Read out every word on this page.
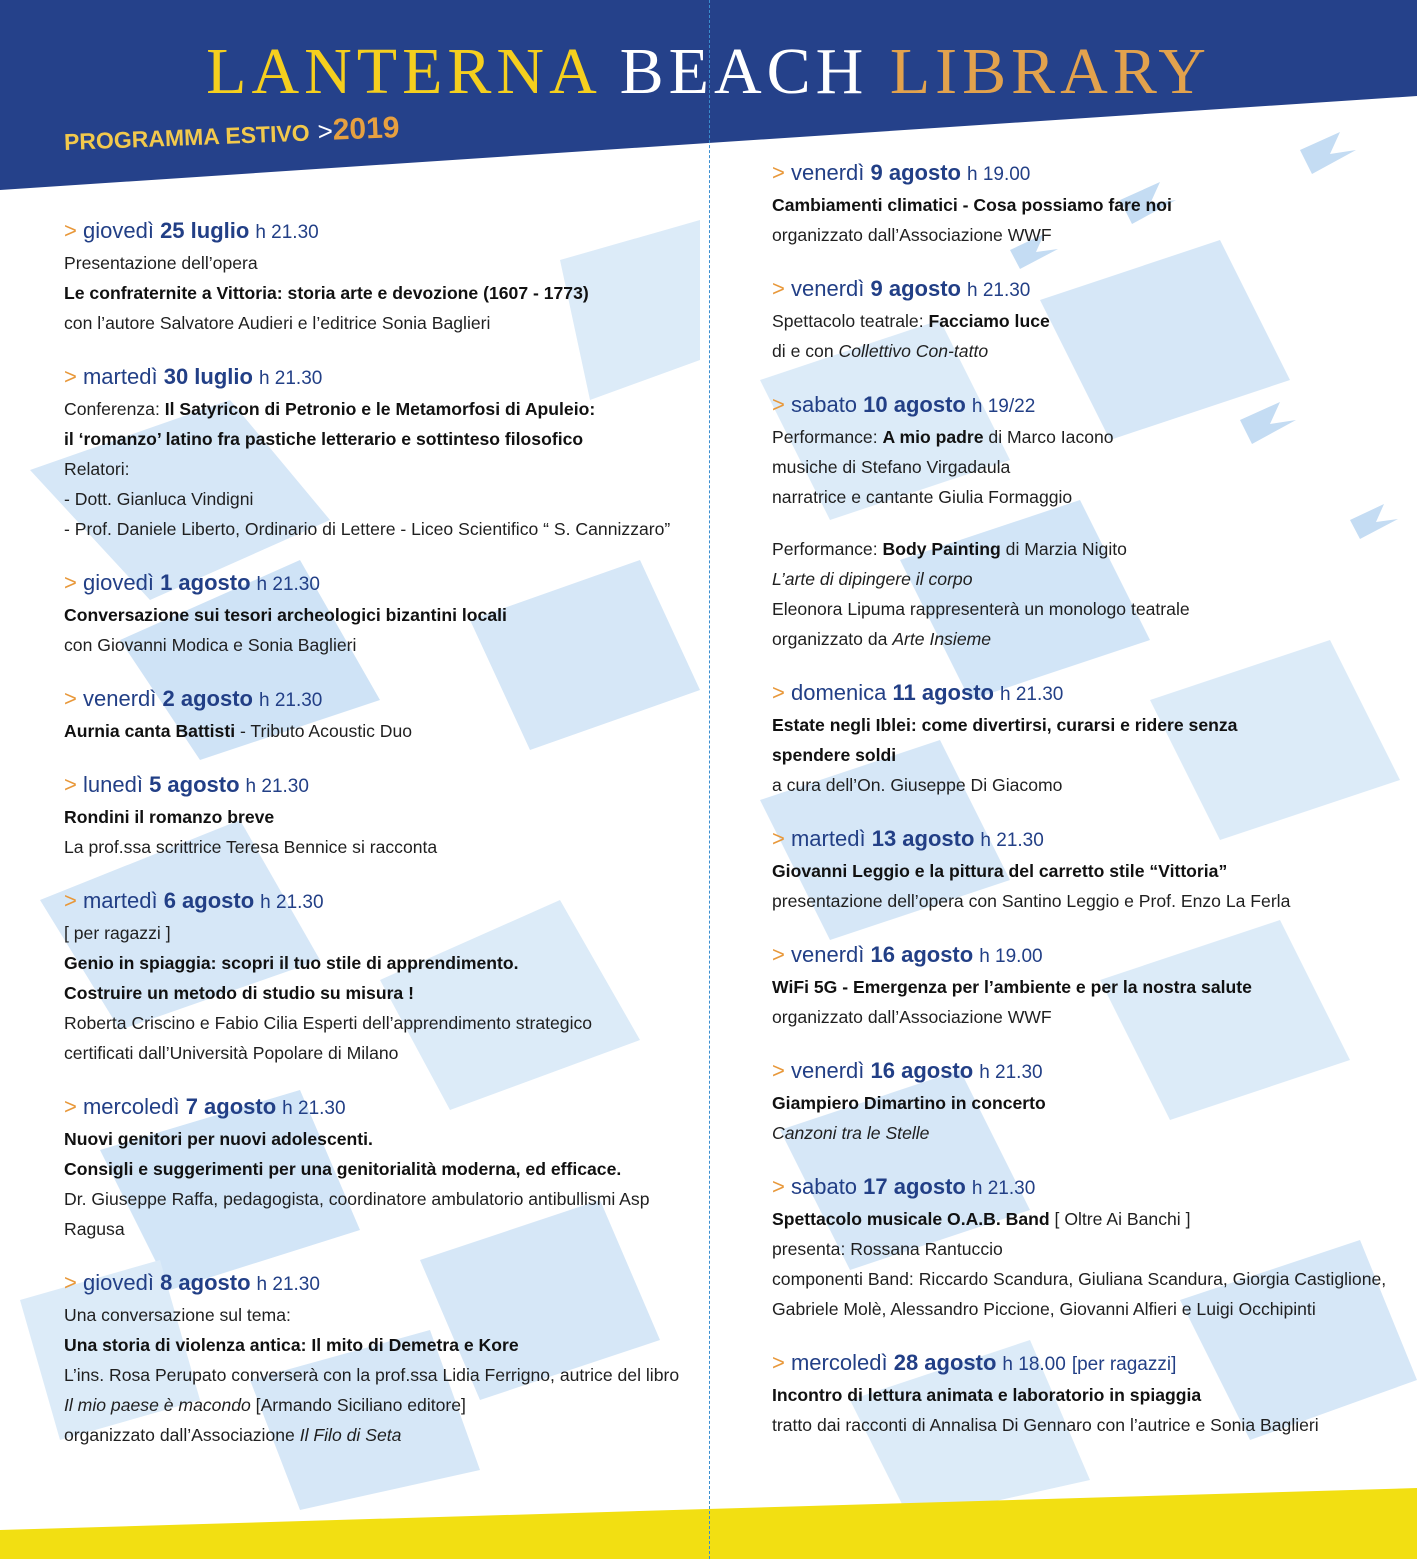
LANTERNA BEACH LIBRARY
PROGRAMMA ESTIVO >2019
> giovedì 25 luglio h 21.30
Presentazione dell’opera
Le confraternite a Vittoria: storia arte e devozione (1607 - 1773)
con l’autore Salvatore Audieri e l’editrice Sonia Baglieri
> martedì 30 luglio h 21.30
Conferenza: Il Satyricon di Petronio e le Metamorfosi di Apuleio:
il ‘romanzo’ latino fra pastiche letterario e sottinteso filosofico
Relatori:
- Dott. Gianluca Vindigni
- Prof. Daniele Liberto, Ordinario di Lettere - Liceo Scientifico “ S. Cannizzaro”
> giovedì 1 agosto h 21.30
Conversazione sui tesori archeologici bizantini locali
con Giovanni Modica e Sonia Baglieri
> venerdì 2 agosto h 21.30
Aurnia canta Battisti - Tributo Acoustic Duo
> lunedì 5 agosto h 21.30
Rondini il romanzo breve
La prof.ssa scrittrice Teresa Bennice si racconta
> martedì 6 agosto h 21.30
[ per ragazzi ]
Genio in spiaggia: scopri il tuo stile di apprendimento.
Costruire un metodo di studio su misura !
Roberta Criscino e Fabio Cilia Esperti dell’apprendimento strategico
certificati dall’Università Popolare di Milano
> mercoledì 7 agosto h 21.30
Nuovi genitori per nuovi adolescenti.
Consigli e suggerimenti per una genitorialità moderna, ed efficace.
Dr. Giuseppe Raffa, pedagogista, coordinatore ambulatorio antibullismi Asp
Ragusa
> giovedì 8 agosto h 21.30
Una conversazione sul tema:
Una storia di violenza antica: Il mito di Demetra e Kore
L’ins. Rosa Perupato converserà con la prof.ssa Lidia Ferrigno, autrice del libro
Il mio paese è macondo [Armando Siciliano editore]
organizzato dall’Associazione Il Filo di Seta
> venerdì 9 agosto h 19.00
Cambiamenti climatici - Cosa possiamo fare noi
organizzato dall’Associazione WWF
> venerdì 9 agosto h 21.30
Spettacolo teatrale: Facciamo luce
di e con Collettivo Con-tatto
> sabato 10 agosto h 19/22
Performance: A mio padre di Marco Iacono
musiche di Stefano Virgadaula
narratrice e cantante Giulia Formaggio
Performance: Body Painting di Marzia Nigito
L’arte di dipingere il corpo
Eleonora Lipuma rappresenterà un monologo teatrale
organizzato da Arte Insieme
> domenica 11 agosto h 21.30
Estate negli Iblei: come divertirsi, curarsi e ridere senza
spendere soldi
a cura dell’On. Giuseppe Di Giacomo
> martedì 13 agosto h 21.30
Giovanni Leggio e la pittura del carretto stile “Vittoria”
presentazione dell’opera con Santino Leggio e Prof. Enzo La Ferla
> venerdì 16 agosto h 19.00
WiFi 5G - Emergenza per l’ambiente e per la nostra salute
organizzato dall’Associazione WWF
> venerdì 16 agosto h 21.30
Giampiero Dimartino in concerto
Canzoni tra le Stelle
> sabato 17 agosto h 21.30
Spettacolo musicale O.A.B. Band [ Oltre Ai Banchi ]
presenta: Rossana Rantuccio
componenti Band: Riccardo Scandura, Giuliana Scandura, Giorgia Castiglione,
Gabriele Molè, Alessandro Piccione, Giovanni Alfieri e Luigi Occhipinti
> mercoledì 28 agosto h 18.00 [per ragazzi]
Incontro di lettura animata e laboratorio in spiaggia
tratto dai racconti di Annalisa Di Gennaro con l’autrice e Sonia Baglieri
